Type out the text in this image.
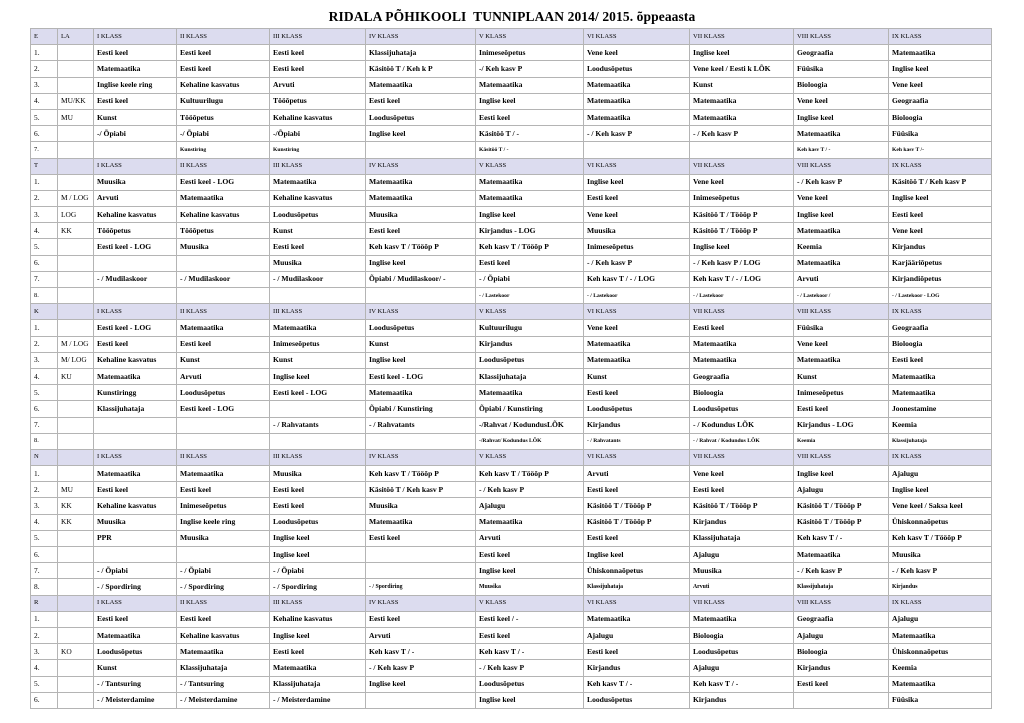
RIDALA PÕHIKOOLI  TUNNIPLAAN 2014/ 2015. õppeaasta
E	LA	I KLASS	II KLASS	III KLASS	IV KLASS	V KLASS	VI KLASS	VII KLASS	VIII KLASS	IX KLASS
1.		Eesti keel	Eesti keel	Eesti keel	Klassijuhataja	Inimeseõpetus	Vene keel	Inglise keel	Geograafia	Matemaatika
2.		Matemaatika	Eesti keel	Eesti keel	Käsitöö T / Keh k P	-/ Keh kasv P	Loodusõpetus	Vene keel / Eesti k LÕK	Füüsika	Inglise keel
3.		Inglise keele ring	Kehaline kasvatus	Arvuti	Matemaatika	Matemaatika	Matemaatika	Kunst	Bioloogia	Vene keel
4.	MU/KK	Eesti keel	Kultuurilugu	Tööõpetus	Eesti keel	Inglise keel	Matemaatika	Matemaatika	Vene keel	Geograafia
5.	MU	Kunst	Tööõpetus	Kehaline kasvatus	Loodusõpetus	Eesti keel	Matemaatika	Matemaatika	Inglise keel	Bioloogia
6.		-/ Õpiabi	-/ Õpiabi	-/Õpiabi	Inglise keel	Käsitöö T / -	- / Keh kasv P	- / Keh kasv P	Matemaatika	Füüsika
7.			Kunstiring	Kunstiring		Käsitöö T / -			Keh kasv T / -	Keh kasv T /-
T		I KLASS	II KLASS	III KLASS	IV KLASS	V KLASS	VI KLASS	VII KLASS	VIII KLASS	IX KLASS
1.		Muusika	Eesti keel - LOG	Matemaatika	Matemaatika	Matemaatika	Inglise keel	Vene keel	- / Keh kasv P	Käsitöö T / Keh kasv P
2.	M / LOG	Arvuti	Matemaatika	Kehaline kasvatus	Matemaatika	Matemaatika	Eesti keel	Inimeseõpetus	Vene keel	Inglise keel
3.	LOG	Kehaline kasvatus	Kehaline kasvatus	Loodusõpetus	Muusika	Inglise keel	Vene keel	Käsitöö T / Tööõp P	Inglise keel	Eesti keel
4.	KK	Tööõpetus	Tööõpetus	Kunst	Eesti keel	Kirjandus - LOG	Muusika	Käsitöö T / Tööõp P	Matemaatika	Vene keel
5.		Eesti keel - LOG	Muusika	Eesti keel	Keh kasv T / Tööõp P	Keh kasv T / Tööõp P	Inimeseõpetus	Inglise keel	Keemia	Kirjandus
6.				Muusika	Inglise keel	Eesti keel	- / Keh kasv P	- / Keh kasv P / LOG	Matemaatika	Karjääriõpetus
7.		- / Mudilaskoor	- / Mudilaskoor	- / Mudilaskoor	Õpiabi / Mudilaskoor/ -	- / Õpiabi	Keh kasv T / - / LOG	Keh kasv T / - / LOG	Arvuti	Kirjandiõpetus
8.						- / Lastekoor	- / Lastekoor	- / Lastekoor	- / Lastekoor /	- / Lastekoor - LOG
K		I KLASS	II KLASS	III KLASS	IV KLASS	V KLASS	VI KLASS	VII KLASS	VIII KLASS	IX KLASS
1.		Eesti keel - LOG	Matemaatika	Matemaatika	Loodusõpetus	Kultuurilugu	Vene keel	Eesti keel	Füüsika	Geograafia
2.	M / LOG	Eesti keel	Eesti keel	Inimeseõpetus	Kunst	Kirjandus	Matemaatika	Matemaatika	Vene keel	Bioloogia
3.	M/ LOG	Kehaline kasvatus	Kunst	Kunst	Inglise keel	Loodusõpetus	Matemaatika	Matemaatika	Matemaatika	Eesti keel
4.	KU	Matemaatika	Arvuti	Inglise keel	Eesti keel - LOG	Klassijuhataja	Kunst	Geograafia	Kunst	Matemaatika
5.		Kunstiringg	Loodusõpetus	Eesti keel - LOG	Matemaatika	Matemaatika	Eesti keel	Bioloogia	Inimeseõpetus	Matemaatika
6.		Klassijuhataja	Eesti keel - LOG		Õpiabi / Kunstiring	Õpiabi / Kunstiring	Loodusõpetus	Loodusõpetus	Eesti keel	Joonestamine
7.				- / Rahvatants	- / Rahvatants	-/Rahvat / KodundusLÕK	Kirjandus	- / Kodundus LÕK	Kirjandus - LOG	Keemia
8.						-/Rahvat/ Kodundus LÕK	- / Rahvatants	- / Rahvat / Kodundus LÕK	Keemia	Klassijuhataja
N		I KLASS	II KLASS	III KLASS	IV KLASS	V KLASS	VI KLASS	VII KLASS	VIII KLASS	IX KLASS
1.		Matemaatika	Matemaatika	Muusika	Keh kasv T / Tööõp P	Keh kasv T / Tööõp P	Arvuti	Vene keel	Inglise keel	Ajalugu
2.	MU	Eesti keel	Eesti keel	Eesti keel	Käsitöö T / Keh kasv P	- / Keh kasv P	Eesti keel	Eesti keel	Ajalugu	Inglise keel
3.	KK	Kehaline kasvatus	Inimeseõpetus	Eesti keel	Muusika	Ajalugu	Käsitöö T / Tööõp P	Käsitöö T / Tööõp P	Käsitöö T / Tööõp P	Vene keel / Saksa keel
4.	KK	Muusika	Inglise keele ring	Loodusõpetus	Matemaatika	Matemaatika	Käsitöö T / Tööõp P	Kirjandus	Käsitöö T / Tööõp P	Ühiskonnaõpetus
5.		PPR	Muusika	Inglise keel	Eesti keel	Arvuti	Eesti keel	Klassijuhataja	Keh kasv T / -	Keh kasv T / Tööõp P
6.				Inglise keel		Eesti keel	Inglise keel	Ajalugu	Matemaatika	Muusika
7.		- / Õpiabi	- / Õpiabi	- / Õpiabi		Inglise keel	Ühiskonnaõpetus	Muusika	- / Keh kasv P	- / Keh kasv P
8.		- / Spordiring	- / Spordiring	- / Spordiring	- / Spordiring	Muusika	Klassijuhataja	Arvuti	Klassijuhataja	Kirjandus
R		I KLASS	II KLASS	III KLASS	IV KLASS	V KLASS	VI KLASS	VII KLASS	VIII KLASS	IX KLASS
1.		Eesti keel	Eesti keel	Kehaline kasvatus	Eesti keel	Eesti keel / -	Matemaatika	Matemaatika	Geograafia	Ajalugu
2.		Matemaatika	Kehaline kasvatus	Inglise keel	Arvuti	Eesti keel	Ajalugu	Bioloogia	Ajalugu	Matemaatika
3.	KO	Loodusõpetus	Matemaatika	Eesti keel	Keh kasv T / -	Keh kasv T / -	Eesti keel	Loodusõpetus	Bioloogia	Ühiskonnaõpetus
4.		Kunst	Klassijuhataja	Matemaatika	- / Keh kasv P	- / Keh kasv P	Kirjandus	Ajalugu	Kirjandus	Keemia
5.		- / Tantsuring	- / Tantsuring	Klassijuhataja	Inglise keel	Loodusõpetus	Keh kasv T / -	Keh kasv T / -	Eesti keel	Matemaatika
6.		- / Meisterdamine	- / Meisterdamine	- / Meisterdamine		Inglise keel	Loodusõpetus	Kirjandus		Füüsika
